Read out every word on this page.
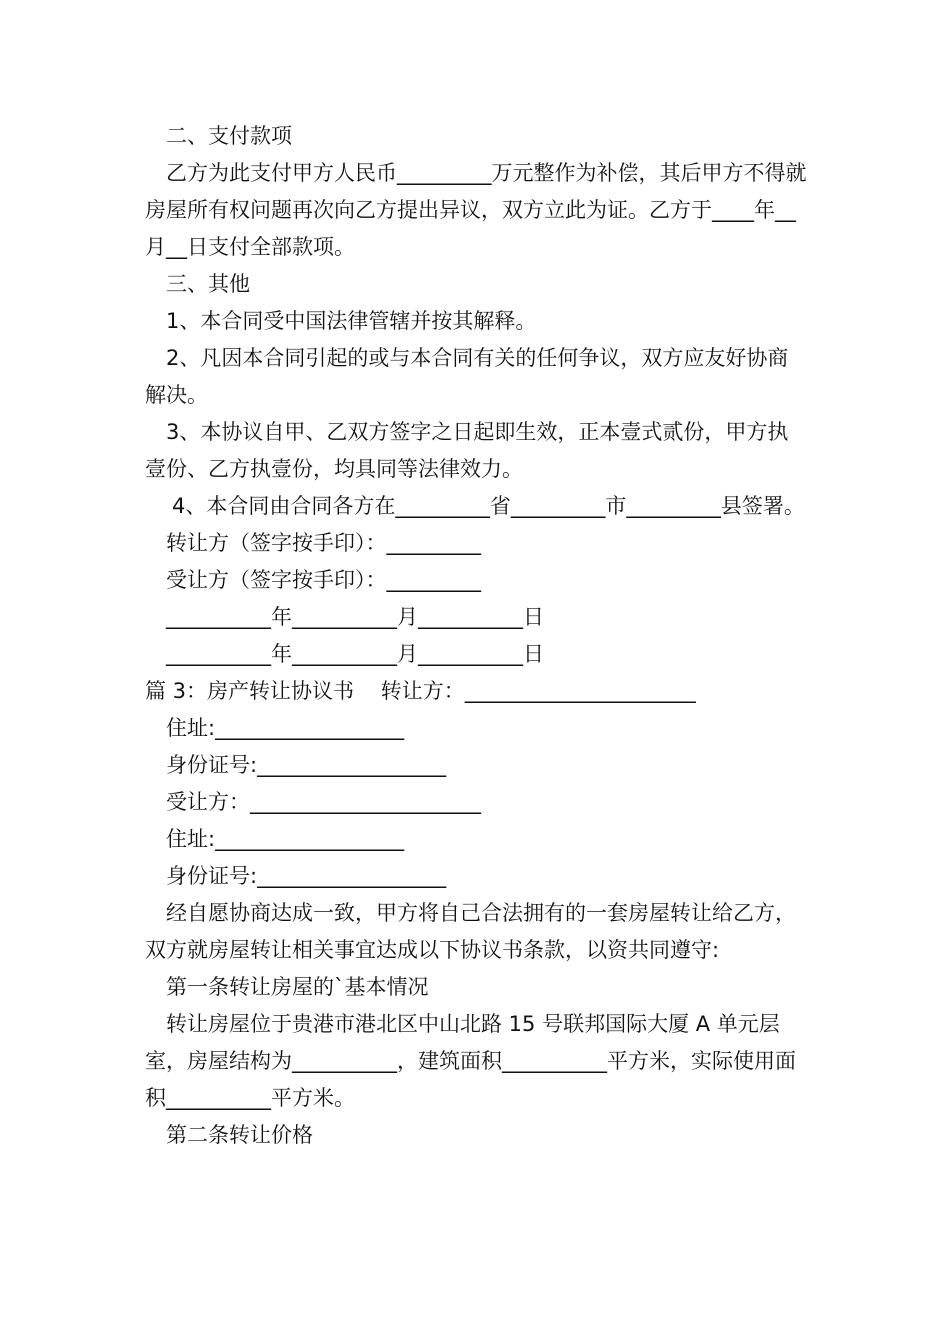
二、支付款项

乙方为此支付甲方人民币_________万元整作为补偿，其后甲方不得就房屋所有权问题再次向乙方提出异议，双方立此为证。乙方于____年__月__日支付全部款项。

三、其他

1、本合同受中国法律管辖并按其解释。

2、凡因本合同引起的或与本合同有关的任何争议，双方应友好协商解决。

3、本协议自甲、乙双方签字之日起即生效，正本壹式贰份，甲方执壹份、乙方执壹份，均具同等法律效力。

4、本合同由合同各方在_________省_________市_________县签署。

转让方（签字按手印）：_________

受让方（签字按手印）：_________

__________年__________月__________日

__________年__________月__________日

篇 3：房产转让协议书    转让方：______________________

住址:__________________

身份证号:__________________

受让方：______________________

住址:__________________

身份证号:__________________

经自愿协商达成一致，甲方将自己合法拥有的一套房屋转让给乙方，双方就房屋转让相关事宜达成以下协议书条款，以资共同遵守:

第一条转让房屋的`基本情况

转让房屋位于贵港市港北区中山北路 15 号联邦国际大厦 A 单元层室，房屋结构为__________，建筑面积__________平方米，实际使用面积__________平方米。

第二条转让价格
